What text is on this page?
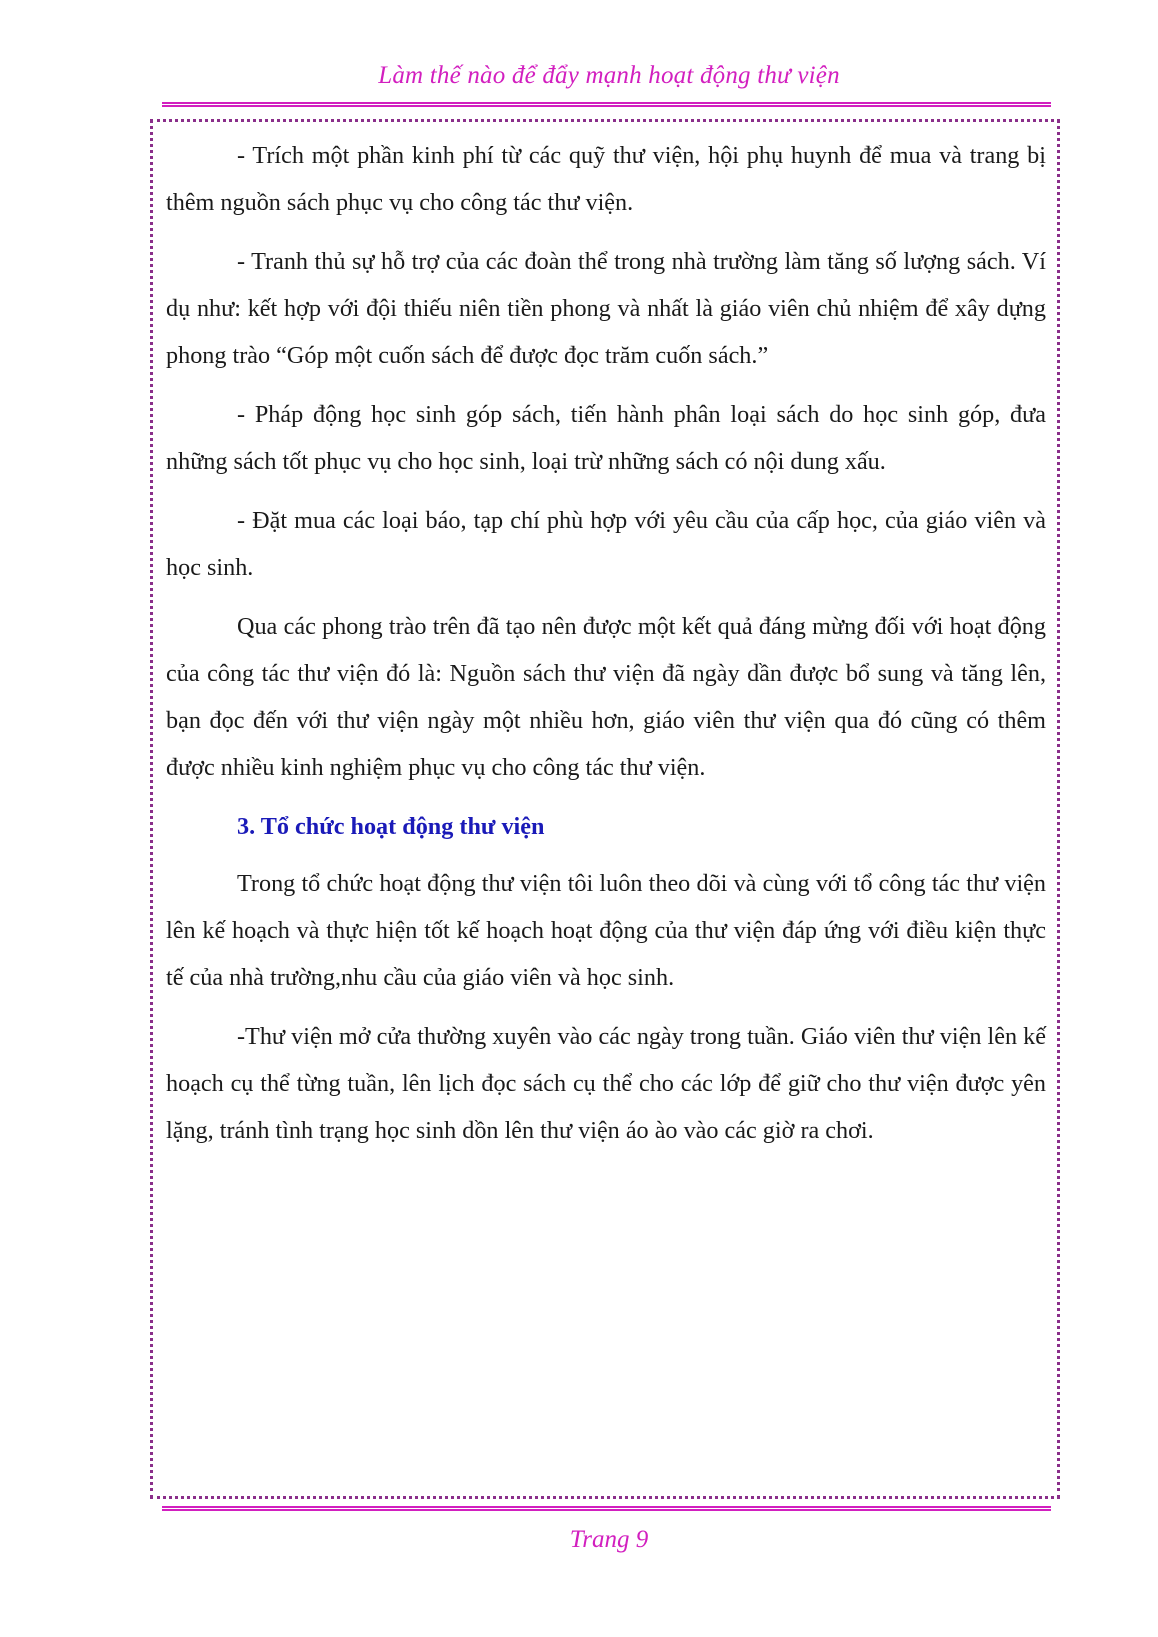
Làm thế nào để đẩy mạnh hoạt động thư viện

- Trích một phần kinh phí từ các quỹ thư viện, hội phụ huynh để mua và trang bị thêm nguồn sách phục vụ cho công tác thư viện.

- Tranh thủ sự hỗ trợ của các đoàn thể trong nhà trường làm tăng số lượng sách. Ví dụ như: kết hợp với đội thiếu niên tiền phong và nhất là giáo viên chủ nhiệm để xây dựng phong trào “Góp một cuốn sách để được đọc trăm cuốn sách.”

- Pháp động học sinh góp sách, tiến hành phân loại sách do học sinh góp, đưa những sách tốt phục vụ cho học sinh, loại trừ những sách có nội dung xấu.

- Đặt mua các loại báo, tạp chí phù hợp với yêu cầu của cấp học, của giáo viên và học sinh.

Qua các phong trào trên đã tạo nên được một kết quả đáng mừng đối với hoạt động của công tác thư viện đó là: Nguồn sách thư viện đã ngày dần được bổ sung và tăng lên, bạn đọc đến với thư viện ngày một nhiều hơn, giáo viên thư viện qua đó cũng có thêm được nhiều kinh nghiệm phục vụ cho công tác thư viện.

3. Tổ chức hoạt động thư viện

Trong tổ chức hoạt động thư viện tôi luôn theo dõi và cùng với tổ công tác thư viện lên kế hoạch và thực hiện tốt kế hoạch hoạt động của thư viện đáp ứng với điều kiện thực tế của nhà trường,nhu cầu của giáo viên và học sinh.

-Thư viện mở cửa thường xuyên vào các ngày trong tuần. Giáo viên thư viện lên kế hoạch cụ thể từng tuần, lên lịch đọc sách cụ thể cho các lớp để giữ cho thư viện được yên lặng, tránh tình trạng học sinh dồn lên thư viện áo ào vào các giờ ra chơi.

Trang 9
